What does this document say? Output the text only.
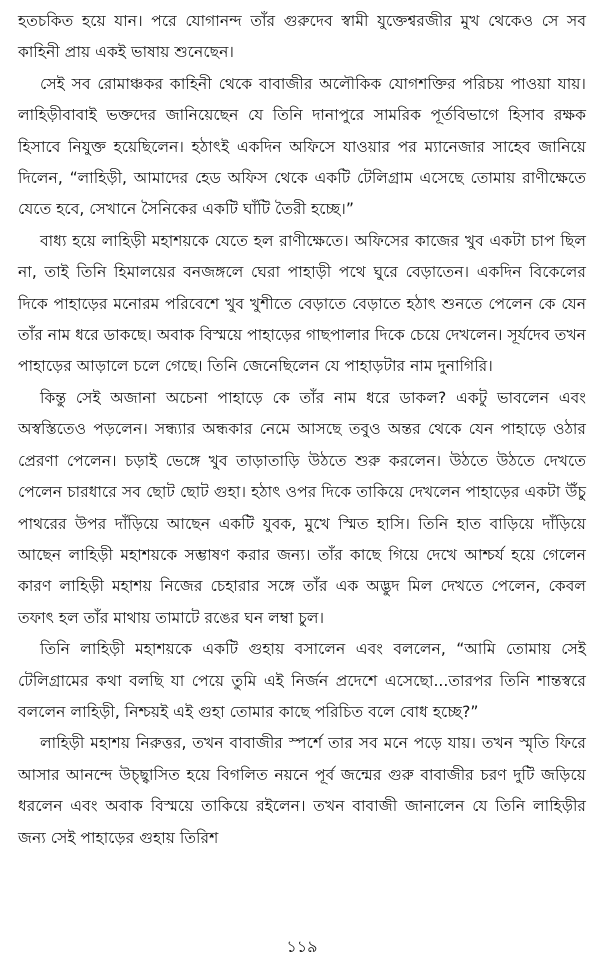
হতচকিত হয়ে যান। পরে যোগানন্দ তাঁর গুরুদেব স্বামী যুক্তেশ্বরজীর মুখ থেকেও সে সব কাহিনী প্রায় একই ভাষায় শুনেছেন।

সেই সব রোমাঞ্চকর কাহিনী থেকে বাবাজীর অলৌকিক যোগশক্তির পরিচয় পাওয়া যায়। লাহিড়ীবাবাই ভক্তদের জানিয়েছেন যে তিনি দানাপুরে সামরিক পূর্তবিভাগে হিসাব রক্ষক হিসাবে নিযুক্ত হয়েছিলেন। হঠাৎই একদিন অফিসে যাওয়ার পর ম্যানেজার সাহেব জানিয়ে দিলেন, “লাহিড়ী, আমাদের হেড অফিস থেকে একটি টেলিগ্রাম এসেছে তোমায় রাণীক্ষেতে যেতে হবে, সেখানে সৈনিকের একটি ঘাঁটি তৈরী হচ্ছে।”

বাধ্য হয়ে লাহিড়ী মহাশয়কে যেতে হল রাণীক্ষেতে। অফিসের কাজের খুব একটা চাপ ছিল না, তাই তিনি হিমালয়ের বনজঙ্গলে ঘেরা পাহাড়ী পথে ঘুরে বেড়াতেন। একদিন বিকেলের দিকে পাহাড়ের মনোরম পরিবেশে খুব খুশীতে বেড়াতে বেড়াতে হঠাৎ শুনতে পেলেন কে যেন তাঁর নাম ধরে ডাকছে। অবাক বিস্ময়ে পাহাড়ের গাছপালার দিকে চেয়ে দেখলেন। সূর্যদেব তখন পাহাড়ের আড়ালে চলে গেছে। তিনি জেনেছিলেন যে পাহাড়টার নাম দুনাগিরি।

কিন্তু সেই অজানা অচেনা পাহাড়ে কে তাঁর নাম ধরে ডাকল? একটু ভাবলেন এবং অস্বস্তিতেও পড়লেন। সন্ধ্যার অন্ধকার নেমে আসছে তবুও অন্তর থেকে যেন পাহাড়ে ওঠার প্রেরণা পেলেন। চড়াই ভেঙ্গে খুব তাড়াতাড়ি উঠতে শুরু করলেন। উঠতে উঠতে দেখতে পেলেন চারধারে সব ছোট ছোট গুহা। হঠাৎ ওপর দিকে তাকিয়ে দেখলেন পাহাড়ের একটা উঁচু পাথরের উপর দাঁড়িয়ে আছেন একটি যুবক, মুখে স্মিত হাসি। তিনি হাত বাড়িয়ে দাঁড়িয়ে আছেন লাহিড়ী মহাশয়কে সম্ভাষণ করার জন্য। তাঁর কাছে গিয়ে দেখে আশ্চর্য হয়ে গেলেন কারণ লাহিড়ী মহাশয় নিজের চেহারার সঙ্গে তাঁর এক অদ্ভুদ মিল দেখতে পেলেন, কেবল তফাৎ হল তাঁর মাথায় তামাটে রঙের ঘন লম্বা চুল।

তিনি লাহিড়ী মহাশয়কে একটি গুহায় বসালেন এবং বললেন, “আমি তোমায় সেই টেলিগ্রামের কথা বলছি যা পেয়ে তুমি এই নির্জন প্রদেশে এসেছো...তারপর তিনি শান্তস্বরে বললেন লাহিড়ী, নিশ্চয়ই এই গুহা তোমার কাছে পরিচিত বলে বোধ হচ্ছে?”

লাহিড়ী মহাশয় নিরুত্তর, তখন বাবাজীর স্পর্শে তার সব মনে পড়ে যায়। তখন স্মৃতি ফিরে আসার আনন্দে উচ্ছ্বাসিত হয়ে বিগলিত নয়নে পূর্ব জন্মের গুরু বাবাজীর চরণ দুটি জড়িয়ে ধরলেন এবং অবাক বিস্ময়ে তাকিয়ে রইলেন। তখন বাবাজী জানালেন যে তিনি লাহিড়ীর জন্য সেই পাহাড়ের গুহায় তিরিশ

১১৯
